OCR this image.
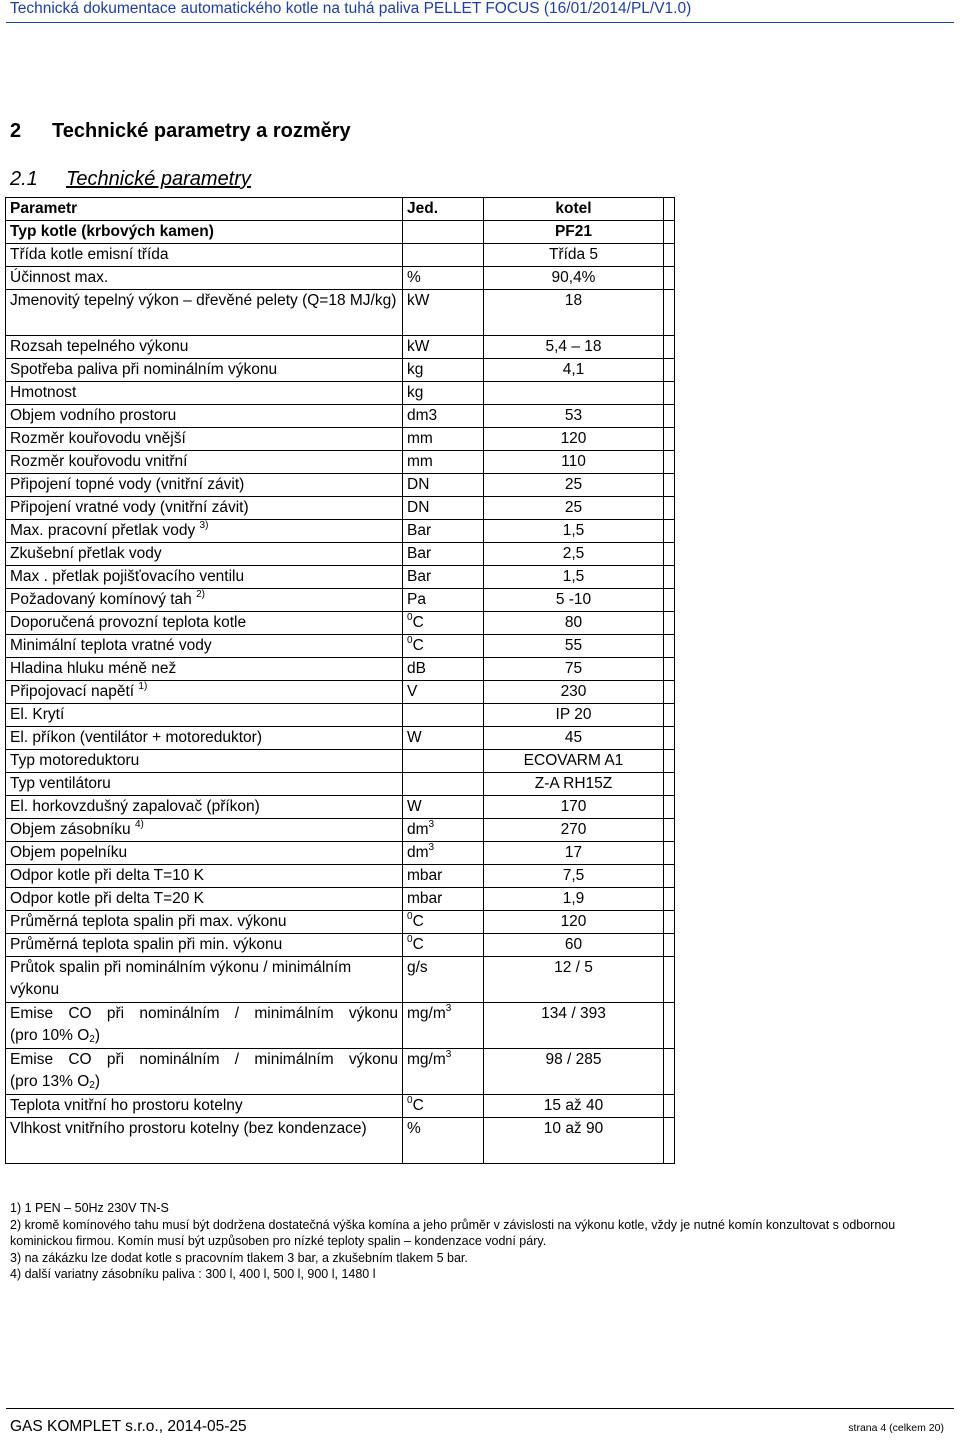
Technická dokumentace automatického kotle na tuhá paliva PELLET FOCUS (16/01/2014/PL/V1.0)
2 Technické parametry a rozměry
2.1 Technické parametry
Parametr	Jed.	kotel	
Typ kotle (krbových kamen)		PF21	
Třída kotle emisní třída		Třída 5	
Účinnost max.	%	90,4%	
Jmenovitý tepelný výkon – dřevěné pelety (Q=18 MJ/kg)	kW	18	
Rozsah tepelného výkonu	kW	5,4 – 18	
Spotřeba paliva při nominálním výkonu	kg	4,1	
Hmotnost	kg		
Objem vodního prostoru	dm3	53	
Rozměr kouřovodu vnější	mm	120	
Rozměr kouřovodu vnitřní	mm	110	
Připojení topné vody (vnitřní závit)	DN	25	
Připojení vratné vody (vnitřní závit)	DN	25	
Max. pracovní přetlak vody $^{3)}$	Bar	1,5	
Zkušební přetlak vody	Bar	2,5	
Max . přetlak pojišťovacího ventilu	Bar	1,5	
Požadovaný komínový tah $^{2)}$	Pa	5 -10	
Doporučená provozní teplota kotle	$^0$C	80	
Minimální teplota vratné vody	$^0$C	55	
Hladina hluku méně než	dB	75	
Připojovací napětí $^{1)}$	V	230	
El. Krytí		IP 20	
El. příkon (ventilátor + motoreduktor)	W	45	
Typ motoreduktoru		ECOVARM A1	
Typ ventilátoru		Z-A RH15Z	
El. horkovzdušný zapalovač (příkon)	W	170	
Objem zásobníku $^{4)}$	$dm^3$	270	
Objem popelníku	$dm^3$	17	
Odpor kotle při delta T=10 K	mbar	7,5	
Odpor kotle při delta T=20 K	mbar	1,9	
Průměrná teplota spalin při max. výkonu	$^0$C	120	
Průměrná teplota spalin při min. výkonu	$^0$C	60	
Průtok spalin při nominálním výkonu / minimálním výkonu	g/s	12 / 5	

Emise CO při nominálním / minimálním výkonu
(pro 10% $O_2$)	$mg/m^3$	134 / 393	

Emise CO při nominálním / minimálním výkonu
(pro 13% $O_2$)	$mg/m^3$	98 / 285	
Teplota vnitřní ho prostoru kotelny	$^0$C	15 až 40	
Vlhkost vnitřního prostoru kotelny (bez kondenzace)	%	10 až 90	

1) 1 PEN – 50Hz 230V TN-S

2) kromě komínového tahu musí být dodržena dostatečná výška komína a jeho průměr v závislosti na výkonu kotle, vždy je nutné komín konzultovat s odbornou kominickou firmou. Komín musí být uzpůsoben pro nízké teploty spalin – kondenzace vodní páry.

3) na zákázku lze dodat kotle s pracovním tlakem 3 bar, a zkušebním tlakem 5 bar.

4) další variatny zásobníku paliva : 300 l, 400 l, 500 l, 900 l, 1480 l

GAS KOMPLET s.r.o., 2014-05-25	strana 4 (celkem 20)
